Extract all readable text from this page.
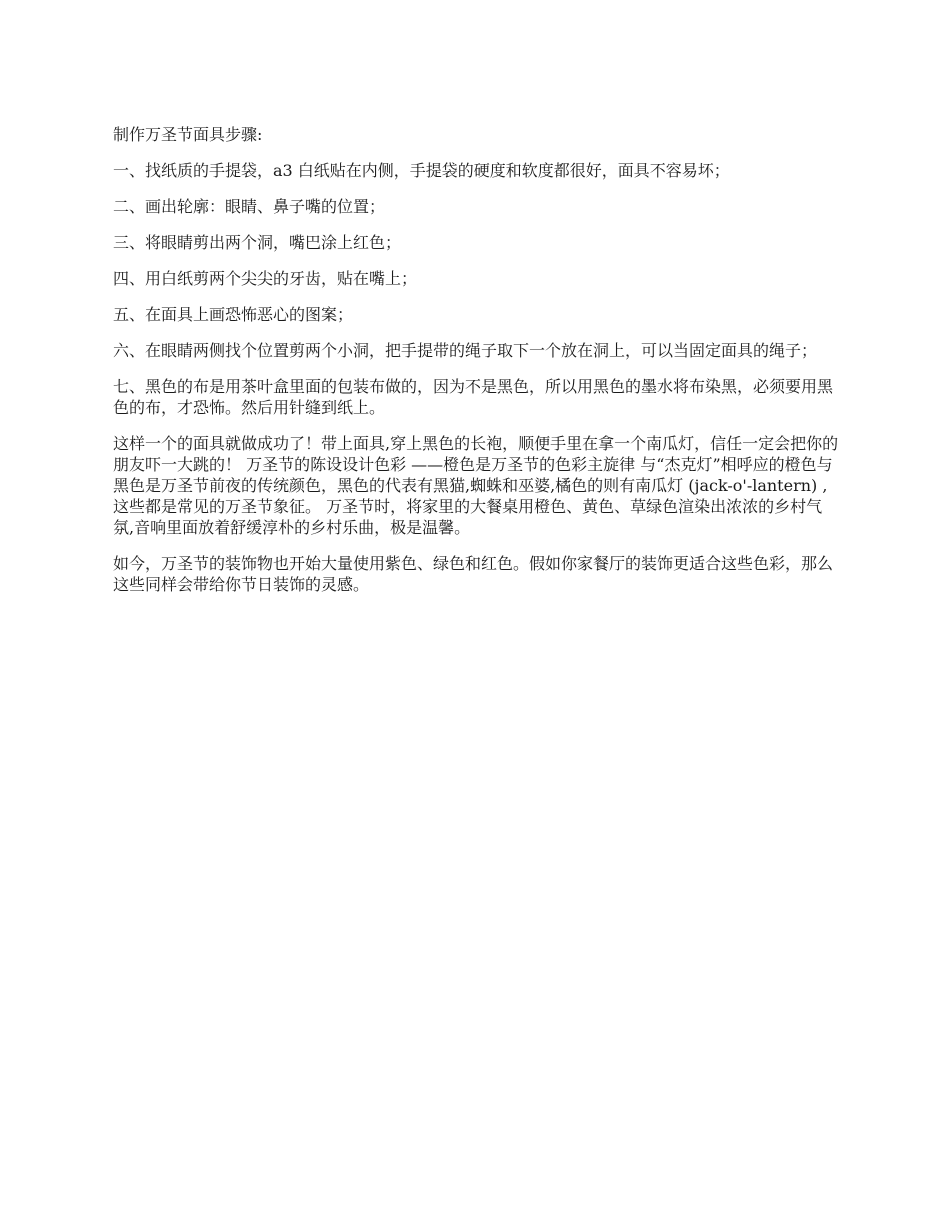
制作万圣节面具步骤:

一、找纸质的手提袋，a3 白纸贴在内侧，手提袋的硬度和软度都很好，面具不容易坏；

二、画出轮廓：眼睛、鼻子嘴的位置；

三、将眼睛剪出两个洞，嘴巴涂上红色；

四、用白纸剪两个尖尖的牙齿，贴在嘴上；

五、在面具上画恐怖恶心的图案；

六、在眼睛两侧找个位置剪两个小洞，把手提带的绳子取下一个放在洞上，可以当固定面具的绳子；

七、黑色的布是用茶叶盒里面的包装布做的，因为不是黑色，所以用黑色的墨水将布染黑，必须要用黑色的布，才恐怖。然后用针缝到纸上。

这样一个的面具就做成功了！带上面具,穿上黑色的长袍，顺便手里在拿一个南瓜灯，信任一定会把你的朋友吓一大跳的！ 万圣节的陈设设计色彩 ——橙色是万圣节的色彩主旋律 与“杰克灯”相呼应的橙色与黑色是万圣节前夜的传统颜色，黑色的代表有黑猫,蜘蛛和巫婆,橘色的则有南瓜灯 (jack-o'-lantern) ,这些都是常见的万圣节象征。 万圣节时，将家里的大餐桌用橙色、黄色、草绿色渲染出浓浓的乡村气氛,音响里面放着舒缓淳朴的乡村乐曲，极是温馨。

如今，万圣节的装饰物也开始大量使用紫色、绿色和红色。假如你家餐厅的装饰更适合这些色彩，那么这些同样会带给你节日装饰的灵感。
